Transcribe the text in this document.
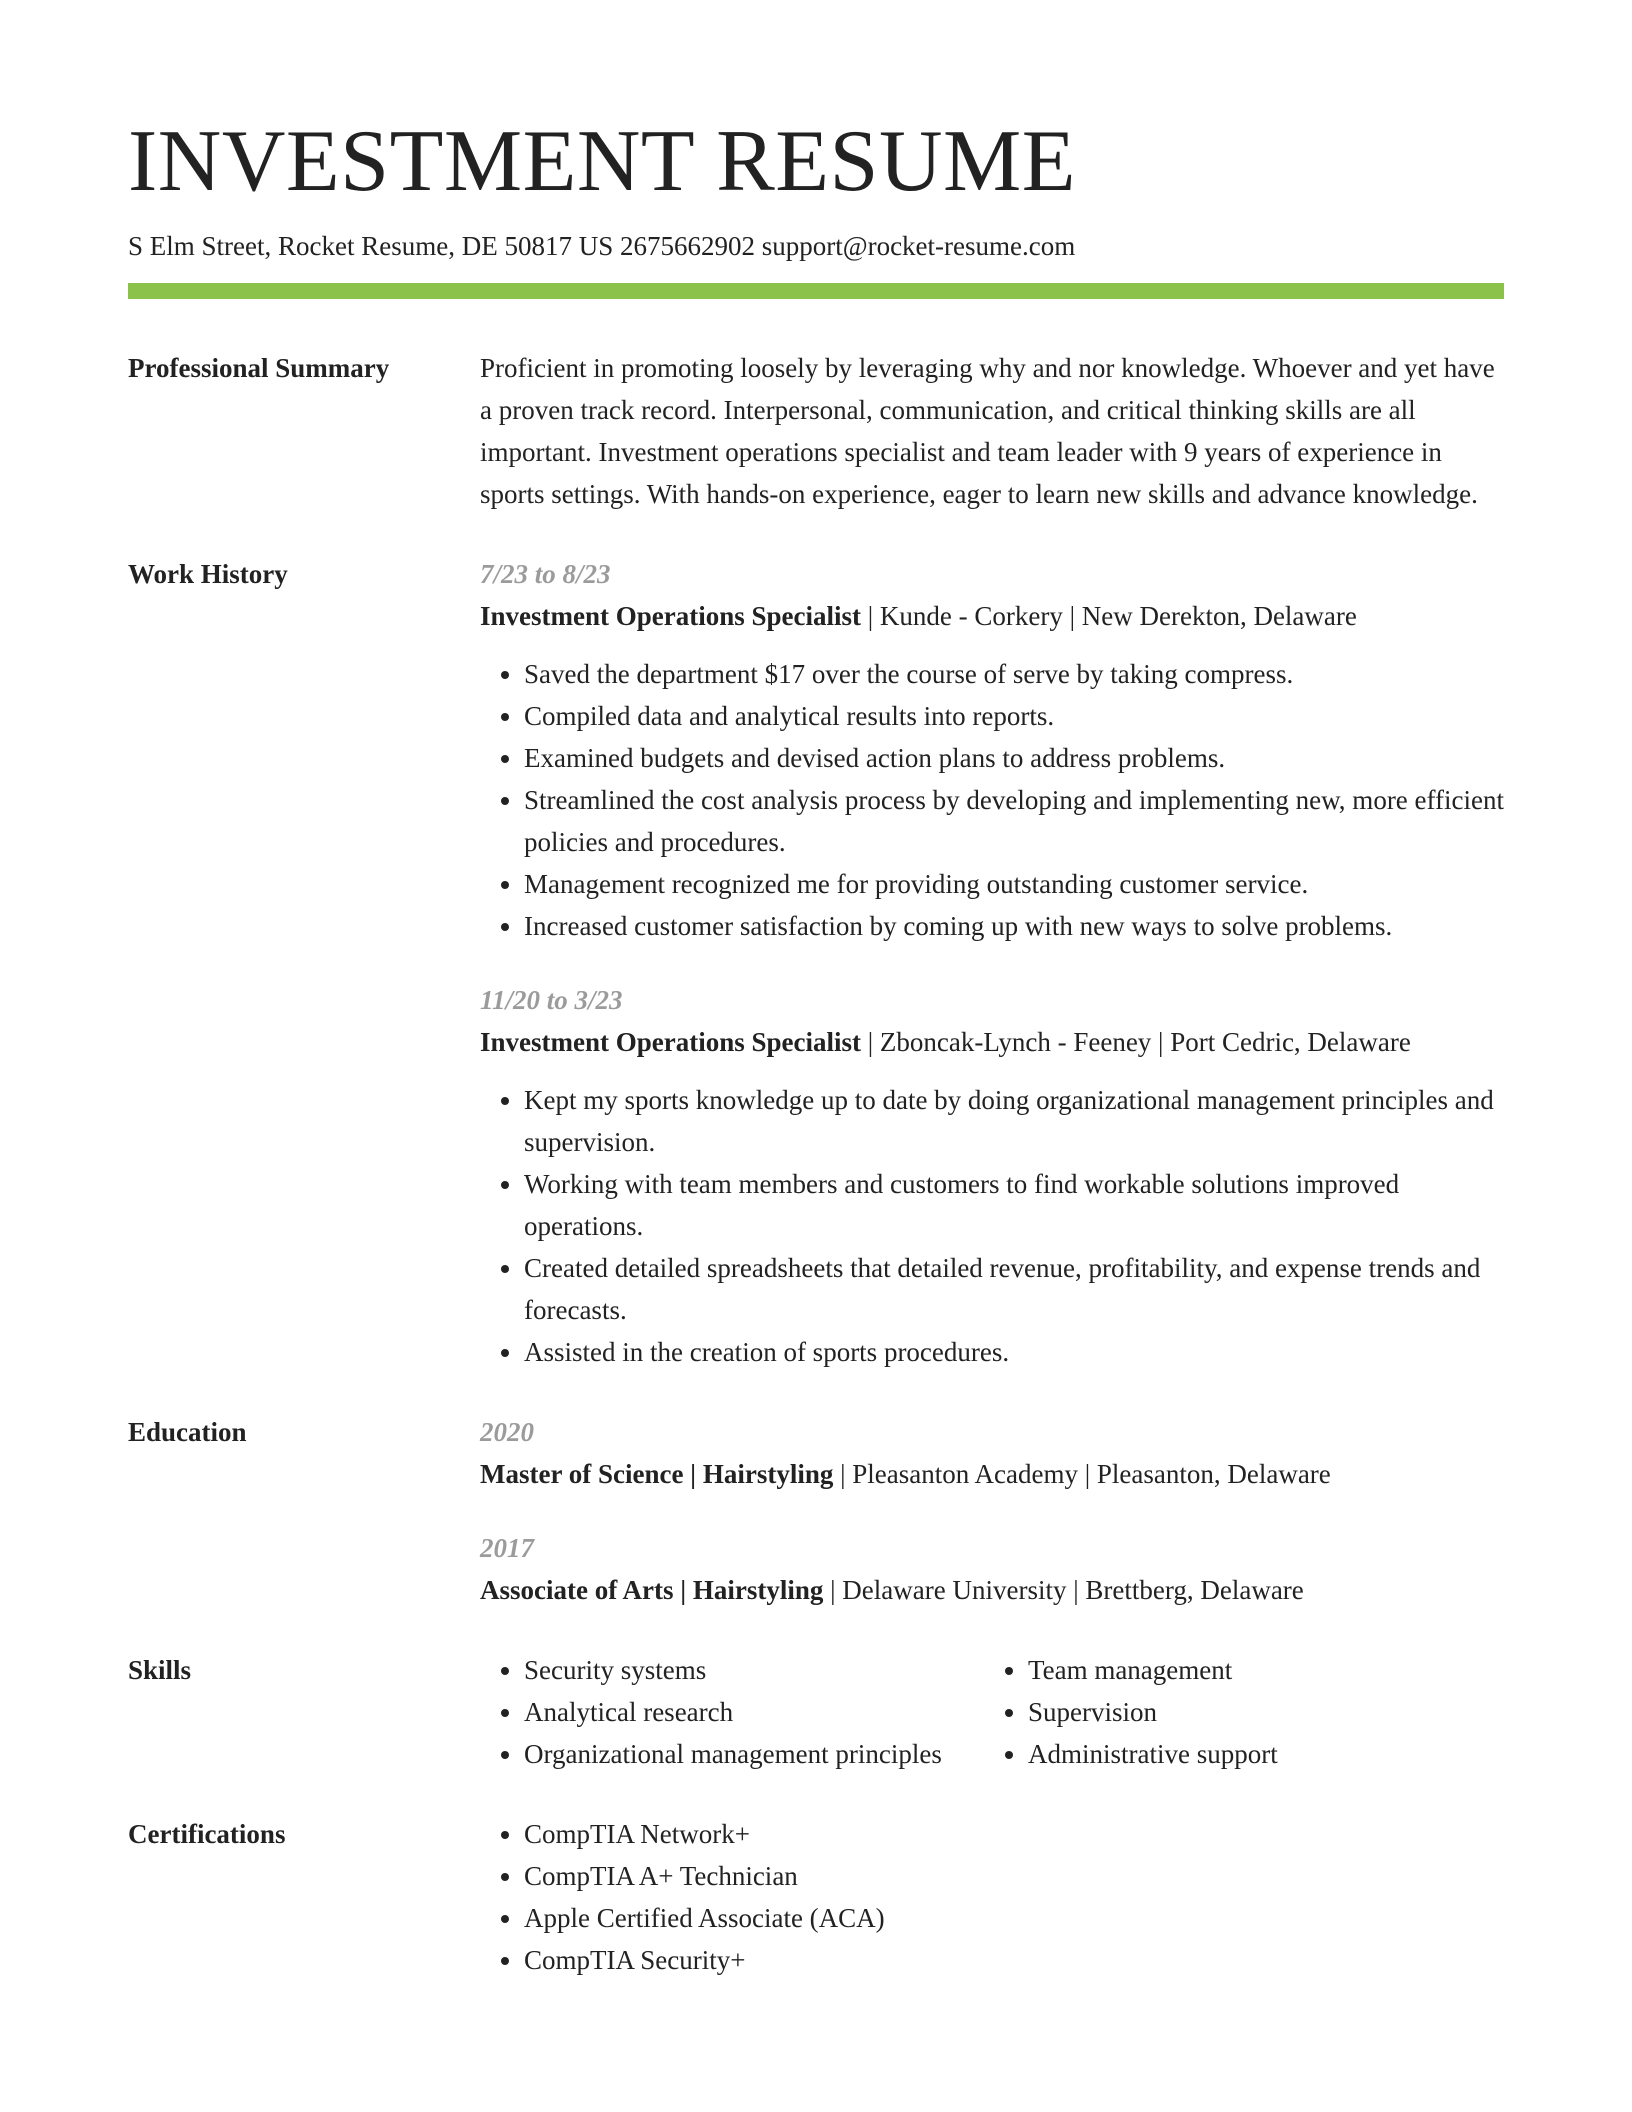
INVESTMENT RESUME
S Elm Street, Rocket Resume, DE 50817 US 2675662902 support@rocket-resume.com
Professional Summary	Proficient in promoting loosely by leveraging why and nor knowledge. Whoever and yet have a proven track record. Interpersonal, communication, and critical thinking skills are all important. Investment operations specialist and team leader with 9 years of experience in sports settings. With hands-on experience, eager to learn new skills and advance knowledge.

Work History	7/23 to 8/23
Investment Operations Specialist | Kunde - Corkery | New Derekton, Delaware
• Saved the department $17 over the course of serve by taking compress.
• Compiled data and analytical results into reports.
• Examined budgets and devised action plans to address problems.
• Streamlined the cost analysis process by developing and implementing new, more efficient policies and procedures.
• Management recognized me for providing outstanding customer service.
• Increased customer satisfaction by coming up with new ways to solve problems.
11/20 to 3/23
Investment Operations Specialist | Zboncak-Lynch - Feeney | Port Cedric, Delaware
• Kept my sports knowledge up to date by doing organizational management principles and supervision.
• Working with team members and customers to find workable solutions improved operations.
• Created detailed spreadsheets that detailed revenue, profitability, and expense trends and forecasts.
• Assisted in the creation of sports procedures.
Education	2020
Master of Science | Hairstyling | Pleasanton Academy | Pleasanton, Delaware
2017
Associate of Arts | Hairstyling | Delaware University | Brettberg, Delaware
Skills	• Security systems
• Analytical research
• Organizational management principles
• Team management
• Supervision
• Administrative support
Certifications	• CompTIA Network+
• CompTIA A+ Technician
• Apple Certified Associate (ACA)
• CompTIA Security+
